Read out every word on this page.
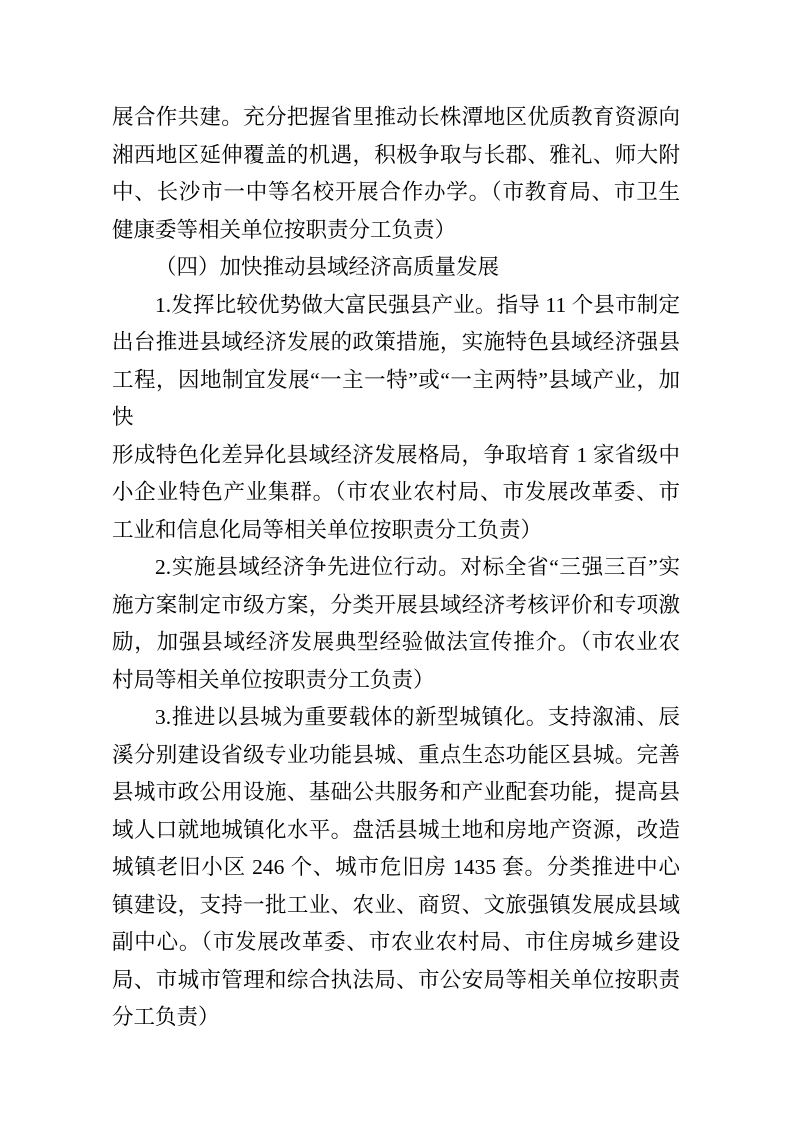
展合作共建。充分把握省里推动长株潭地区优质教育资源向
湘西地区延伸覆盖的机遇，积极争取与长郡、雅礼、师大附
中、长沙市一中等名校开展合作办学。（市教育局、市卫生
健康委等相关单位按职责分工负责）
（四）加快推动县域经济高质量发展
1.发挥比较优势做大富民强县产业。指导 11 个县市制定
出台推进县域经济发展的政策措施，实施特色县域经济强县
工程，因地制宜发展“一主一特”或“一主两特”县域产业，加快
形成特色化差异化县域经济发展格局，争取培育 1 家省级中
小企业特色产业集群。（市农业农村局、市发展改革委、市
工业和信息化局等相关单位按职责分工负责）
2.实施县域经济争先进位行动。对标全省“三强三百”实
施方案制定市级方案，分类开展县域经济考核评价和专项激
励，加强县域经济发展典型经验做法宣传推介。（市农业农
村局等相关单位按职责分工负责）
3.推进以县城为重要载体的新型城镇化。支持溆浦、辰
溪分别建设省级专业功能县城、重点生态功能区县城。完善
县城市政公用设施、基础公共服务和产业配套功能，提高县
域人口就地城镇化水平。盘活县城土地和房地产资源，改造
城镇老旧小区 246 个、城市危旧房 1435 套。分类推进中心
镇建设，支持一批工业、农业、商贸、文旅强镇发展成县域
副中心。（市发展改革委、市农业农村局、市住房城乡建设
局、市城市管理和综合执法局、市公安局等相关单位按职责
分工负责）
